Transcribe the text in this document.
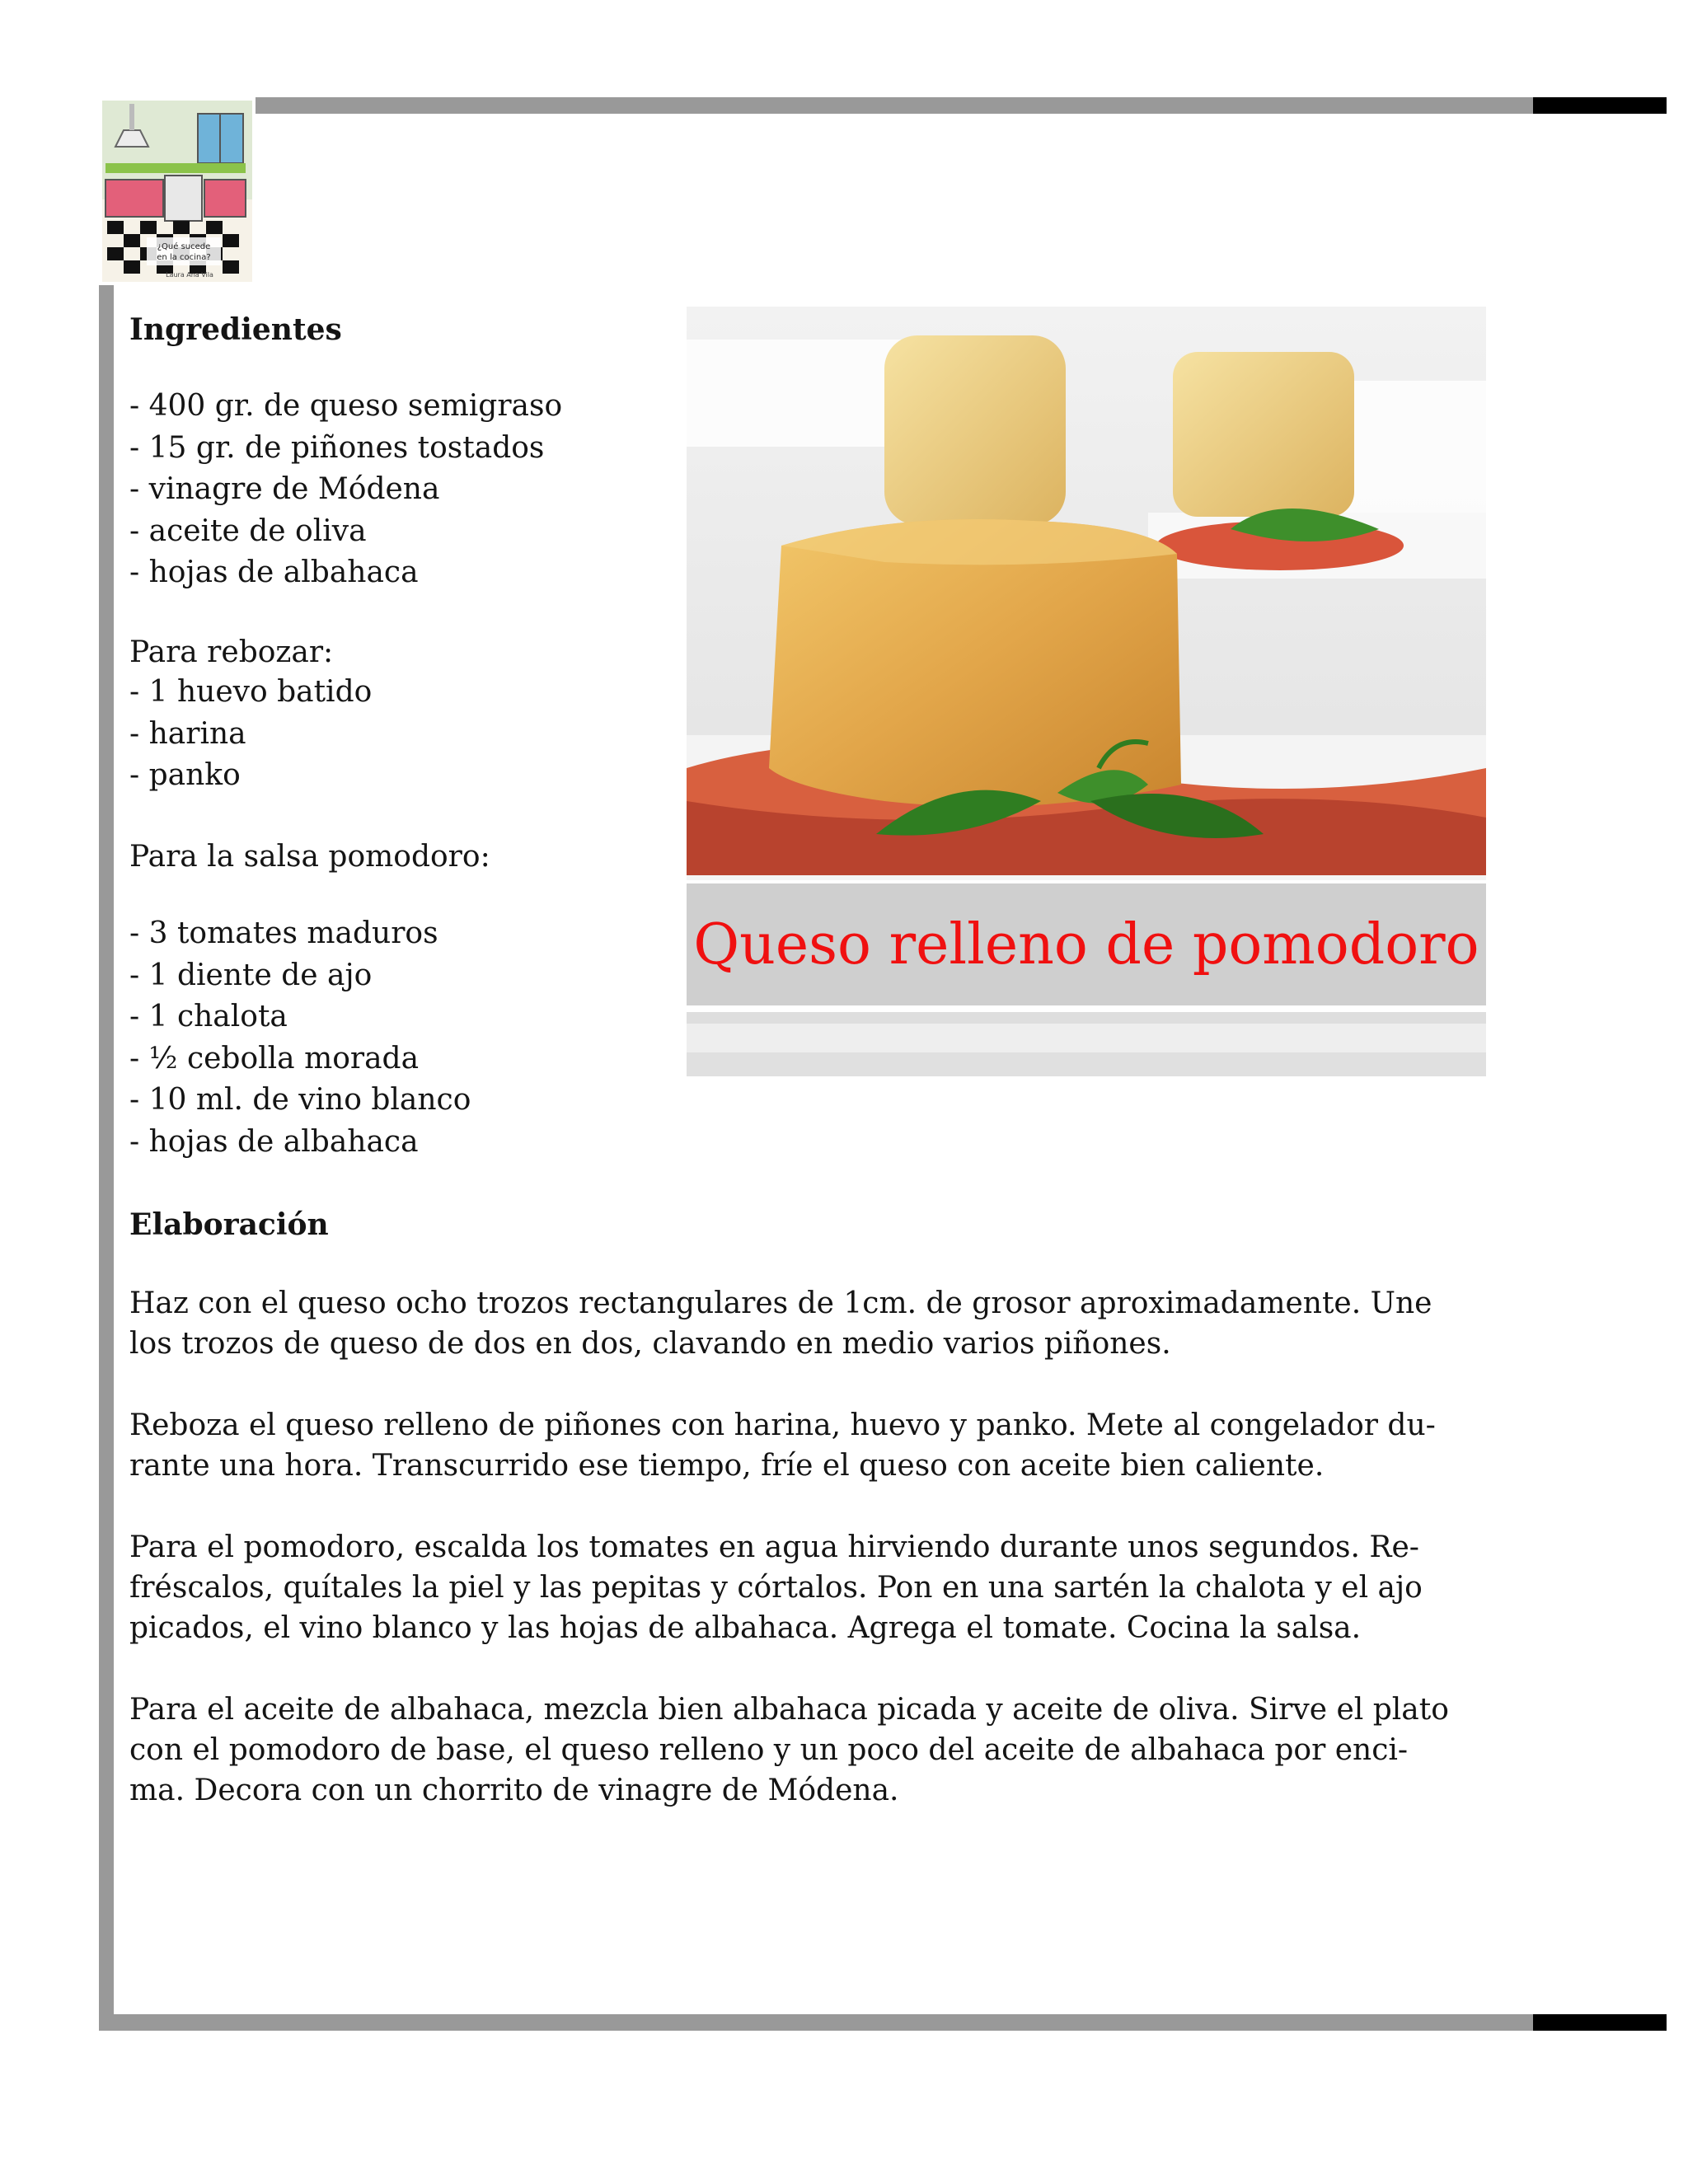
¿Qué sucede
en la cocina?
Laura Ana Vila
Ingredientes
- 400 gr. de queso semigraso
- 15 gr. de piñones tostados
- vinagre de Módena
- aceite de oliva
- hojas de albahaca

Para rebozar:

- 1 huevo batido
- harina
- panko

Para la salsa pomodoro:

- 3 tomates maduros
- 1 diente de ajo
- 1 chalota
- ½ cebolla morada
- 10 ml. de vino blanco
- hojas de albahaca
Queso relleno de pomodoro
Elaboración

Haz con el queso ocho trozos rectangulares de 1cm. de grosor aproximadamente. Une
los trozos de queso de dos en dos, clavando en medio varios piñones.

Reboza el queso relleno de piñones con harina, huevo y panko. Mete al congelador du-
rante una hora. Transcurrido ese tiempo, fríe el queso con aceite bien caliente.

Para el pomodoro, escalda los tomates en agua hirviendo durante unos segundos. Re-
fréscalos, quítales la piel y las pepitas y córtalos. Pon en una sartén la chalota y el ajo
picados, el vino blanco y las hojas de albahaca. Agrega el tomate. Cocina la salsa.

Para el aceite de albahaca, mezcla bien albahaca picada y aceite de oliva. Sirve el plato
con el pomodoro de base, el queso relleno y un poco del aceite de albahaca por enci-
ma. Decora con un chorrito de vinagre de Módena.
